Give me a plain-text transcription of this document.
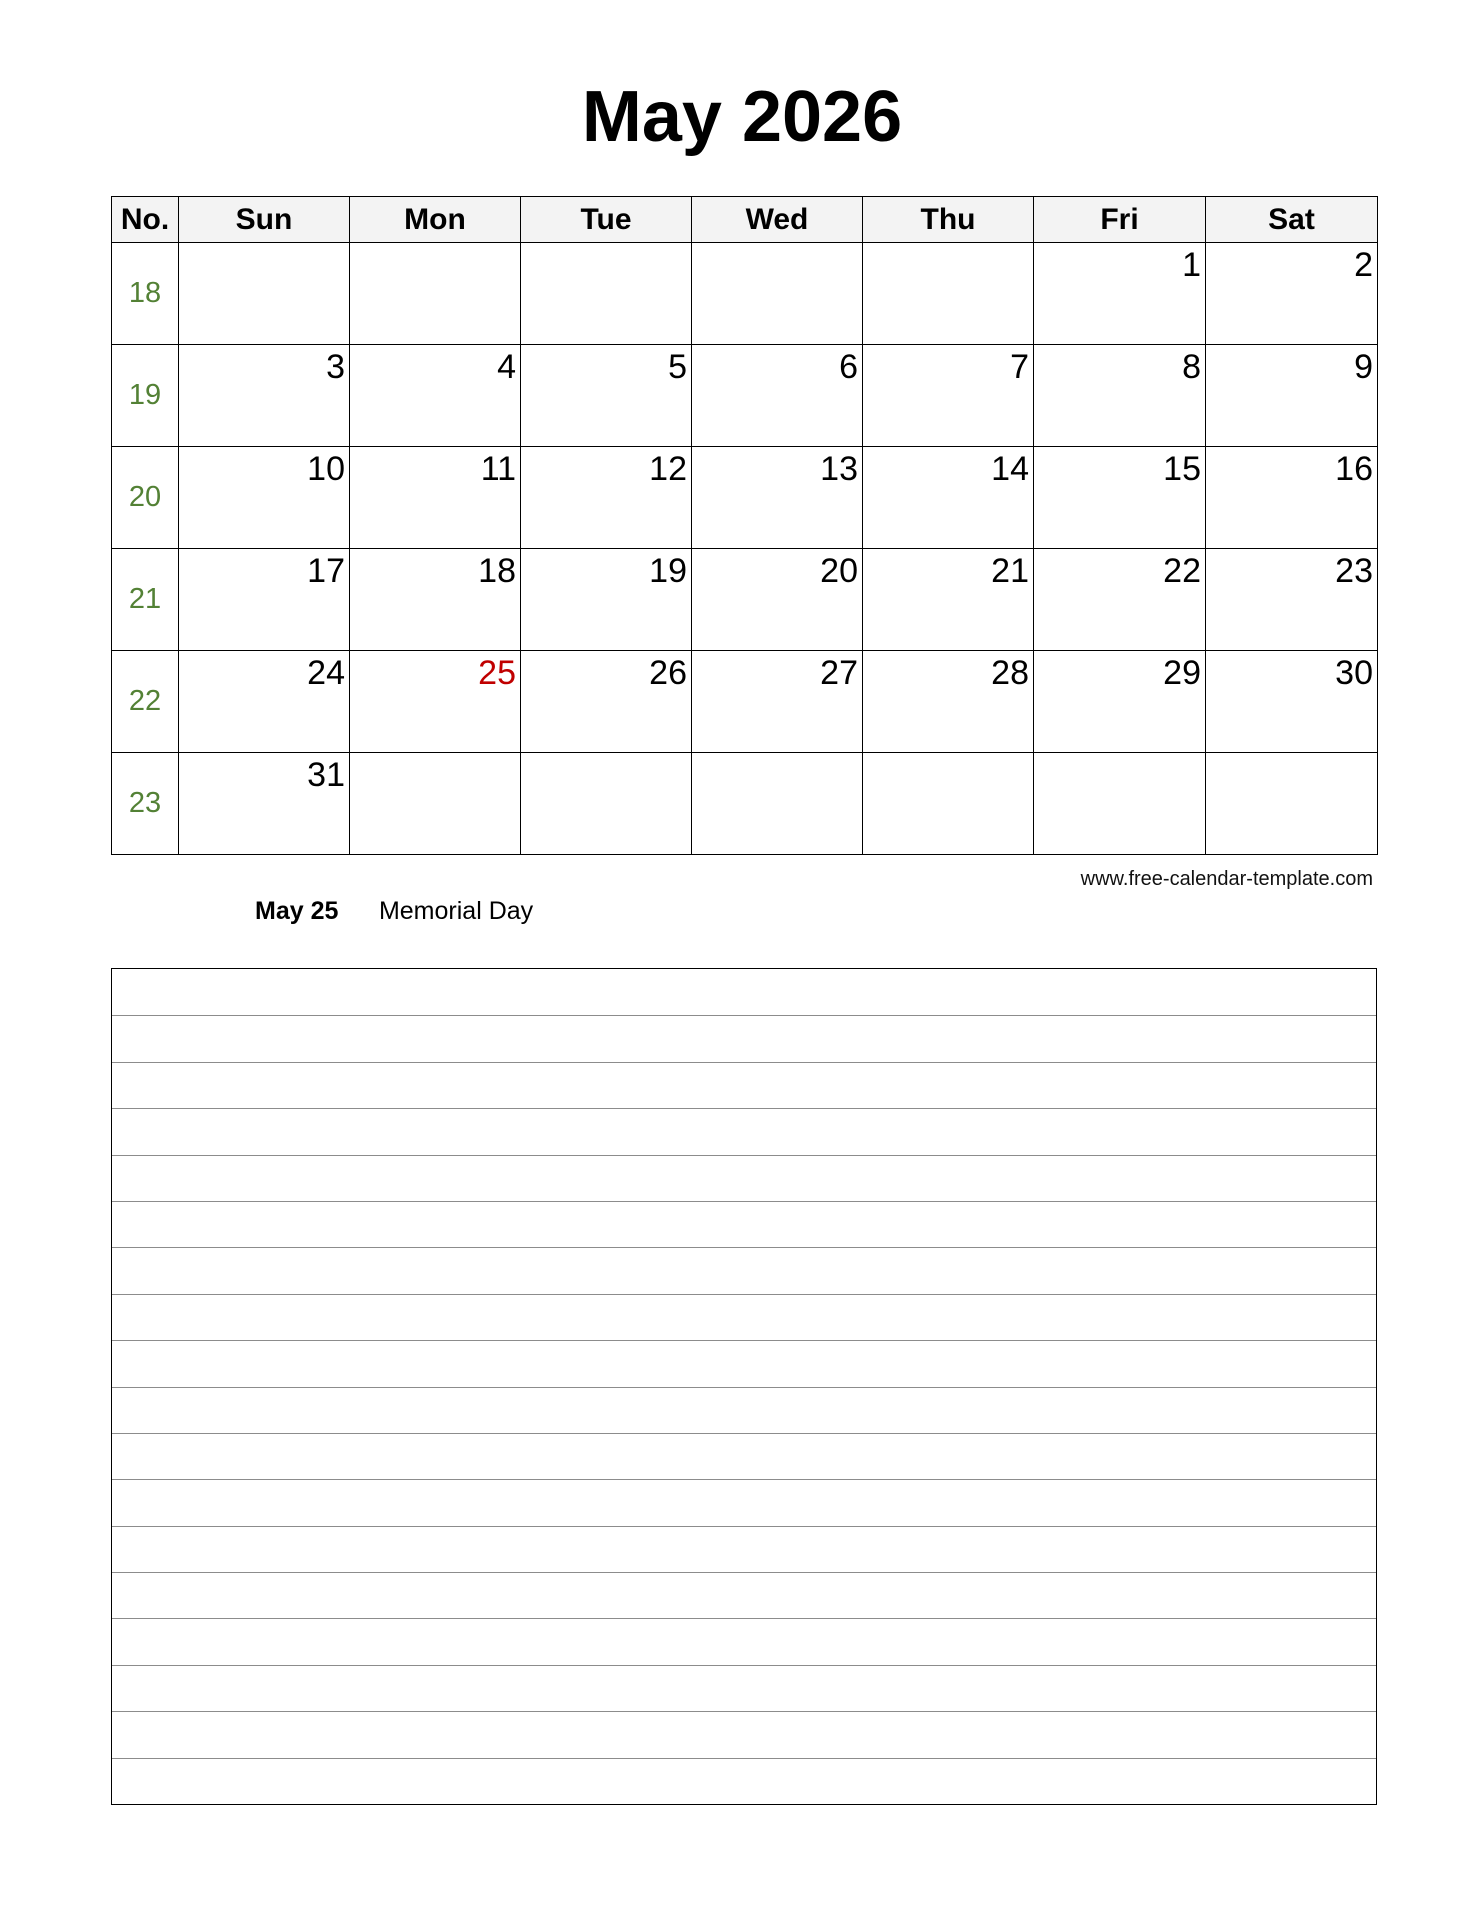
May 2026
No.	Sun	Mon	Tue	Wed	Thu	Fri	Sat
18						1	2

19	3	4	5	6	7	8	9

20	10	11	12	13	14	15	16

21	17	18	19	20	21	22	23

22	24	25	26	27	28	29	30

23	31						

www.free-calendar-template.com
May 25 Memorial Day
